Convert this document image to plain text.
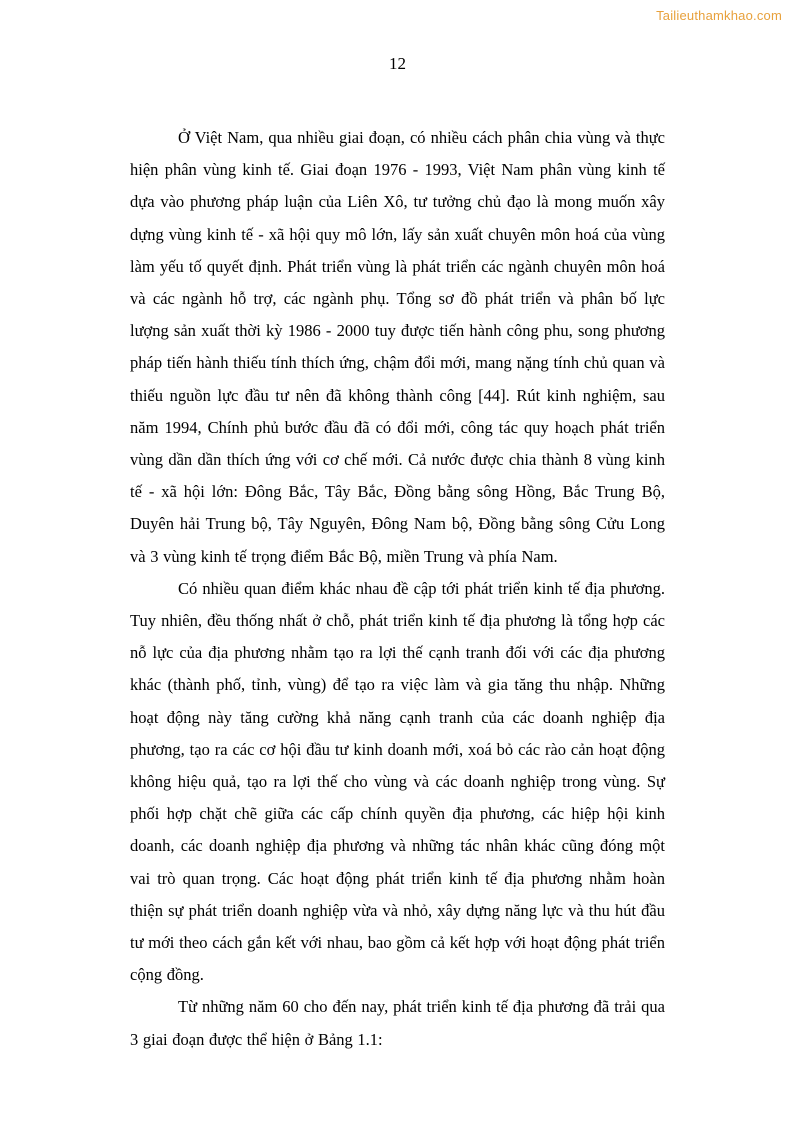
Tailieuthamkhao.com
12

Ở Việt Nam, qua nhiều giai đoạn, có nhiều cách phân chia vùng và thực hiện phân vùng kinh tế. Giai đoạn 1976 - 1993, Việt Nam phân vùng kinh tế dựa vào phương pháp luận của Liên Xô, tư tưởng chủ đạo là mong muốn xây dựng vùng kinh tế - xã hội quy mô lớn, lấy sản xuất chuyên môn hoá của vùng làm yếu tố quyết định. Phát triển vùng là phát triển các ngành chuyên môn hoá và các ngành hỗ trợ, các ngành phụ. Tổng sơ đồ phát triển và phân bố lực lượng sản xuất thời kỳ 1986 - 2000 tuy được tiến hành công phu, song phương pháp tiến hành thiếu tính thích ứng, chậm đổi mới, mang nặng tính chủ quan và thiếu nguồn lực đầu tư nên đã không thành công [44]. Rút kinh nghiệm, sau năm 1994, Chính phủ bước đầu đã có đổi mới, công tác quy hoạch phát triển vùng dần dần thích ứng với cơ chế mới. Cả nước được chia thành 8 vùng kinh tế - xã hội lớn: Đông Bắc, Tây Bắc, Đồng bằng sông Hồng, Bắc Trung Bộ, Duyên hải Trung bộ, Tây Nguyên, Đông Nam bộ, Đồng bằng sông Cửu Long và 3 vùng kinh tế trọng điểm Bắc Bộ, miền Trung và phía Nam.

Có nhiều quan điểm khác nhau đề cập tới phát triển kinh tế địa phương. Tuy nhiên, đều thống nhất ở chỗ, phát triển kinh tế địa phương là tổng hợp các nỗ lực của địa phương nhằm tạo ra lợi thế cạnh tranh đối với các địa phương khác (thành phố, tỉnh, vùng) để tạo ra việc làm và gia tăng thu nhập. Những hoạt động này tăng cường khả năng cạnh tranh của các doanh nghiệp địa phương, tạo ra các cơ hội đầu tư kinh doanh mới, xoá bỏ các rào cản hoạt động không hiệu quả, tạo ra lợi thế cho vùng và các doanh nghiệp trong vùng. Sự phối hợp chặt chẽ giữa các cấp chính quyền địa phương, các hiệp hội kinh doanh, các doanh nghiệp địa phương và những tác nhân khác cũng đóng một vai trò quan trọng. Các hoạt động phát triển kinh tế địa phương nhằm hoàn thiện sự phát triển doanh nghiệp vừa và nhỏ, xây dựng năng lực và thu hút đầu tư mới theo cách gắn kết với nhau, bao gồm cả kết hợp với hoạt động phát triển cộng đồng.

Từ những năm 60 cho đến nay, phát triển kinh tế địa phương đã trải qua 3 giai đoạn được thể hiện ở Bảng 1.1:
